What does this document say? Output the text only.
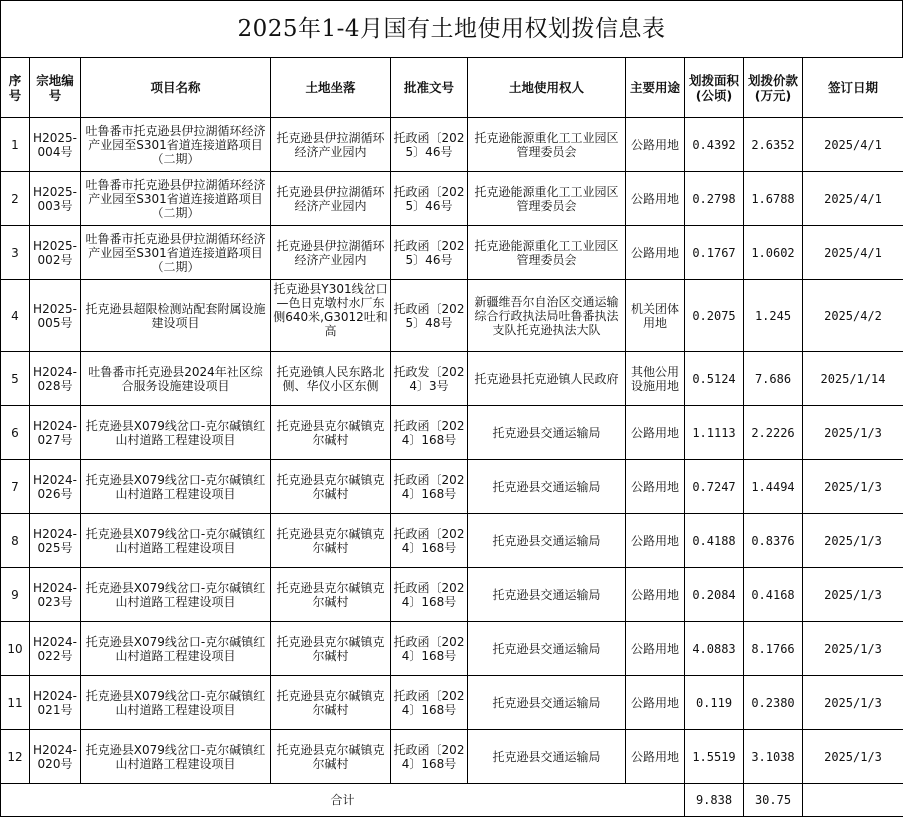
2025年1-4月国有土地使用权划拨信息表
序号	宗地编号	项目名称	土地坐落	批准文号	土地使用权人	主要用途	划拨面积(公顷)	划拨价款(万元)	签订日期
1	H2025-004号	吐鲁番市托克逊县伊拉湖循环经济产业园至S301省道连接道路项目（二期）	托克逊县伊拉湖循环经济产业园内	托政函〔2025〕46号	托克逊能源重化工工业园区管理委员会	公路用地	0.4392	2.6352	2025/4/1
2	H2025-003号	吐鲁番市托克逊县伊拉湖循环经济产业园至S301省道连接道路项目（二期）	托克逊县伊拉湖循环经济产业园内	托政函〔2025〕46号	托克逊能源重化工工业园区管理委员会	公路用地	0.2798	1.6788	2025/4/1
3	H2025-002号	吐鲁番市托克逊县伊拉湖循环经济产业园至S301省道连接道路项目（二期）	托克逊县伊拉湖循环经济产业园内	托政函〔2025〕46号	托克逊能源重化工工业园区管理委员会	公路用地	0.1767	1.0602	2025/4/1
4	H2025-005号	托克逊县超限检测站配套附属设施建设项目	托克逊县Y301线岔口—色日克墩村水厂东侧640米,G3012吐和高	托政函〔2025〕48号	新疆维吾尔自治区交通运输综合行政执法局吐鲁番执法支队托克逊执法大队	机关团体用地	0.2075	1.245	2025/4/2
5	H2024-028号	吐鲁番市托克逊县2024年社区综合服务设施建设项目	托克逊镇人民东路北侧、华仪小区东侧	托政发〔2024〕3号	托克逊县托克逊镇人民政府	其他公用设施用地	0.5124	7.686	2025/1/14
6	H2024-027号	托克逊县X079线岔口-克尔碱镇红山村道路工程建设项目	托克逊县克尔碱镇克尔碱村	托政函〔2024〕168号	托克逊县交通运输局	公路用地	1.1113	2.2226	2025/1/3
7	H2024-026号	托克逊县X079线岔口-克尔碱镇红山村道路工程建设项目	托克逊县克尔碱镇克尔碱村	托政函〔2024〕168号	托克逊县交通运输局	公路用地	0.7247	1.4494	2025/1/3
8	H2024-025号	托克逊县X079线岔口-克尔碱镇红山村道路工程建设项目	托克逊县克尔碱镇克尔碱村	托政函〔2024〕168号	托克逊县交通运输局	公路用地	0.4188	0.8376	2025/1/3
9	H2024-023号	托克逊县X079线岔口-克尔碱镇红山村道路工程建设项目	托克逊县克尔碱镇克尔碱村	托政函〔2024〕168号	托克逊县交通运输局	公路用地	0.2084	0.4168	2025/1/3
10	H2024-022号	托克逊县X079线岔口-克尔碱镇红山村道路工程建设项目	托克逊县克尔碱镇克尔碱村	托政函〔2024〕168号	托克逊县交通运输局	公路用地	4.0883	8.1766	2025/1/3
11	H2024-021号	托克逊县X079线岔口-克尔碱镇红山村道路工程建设项目	托克逊县克尔碱镇克尔碱村	托政函〔2024〕168号	托克逊县交通运输局	公路用地	0.119	0.2380	2025/1/3
12	H2024-020号	托克逊县X079线岔口-克尔碱镇红山村道路工程建设项目	托克逊县克尔碱镇克尔碱村	托政函〔2024〕168号	托克逊县交通运输局	公路用地	1.5519	3.1038	2025/1/3
合计							9.838	30.75	
